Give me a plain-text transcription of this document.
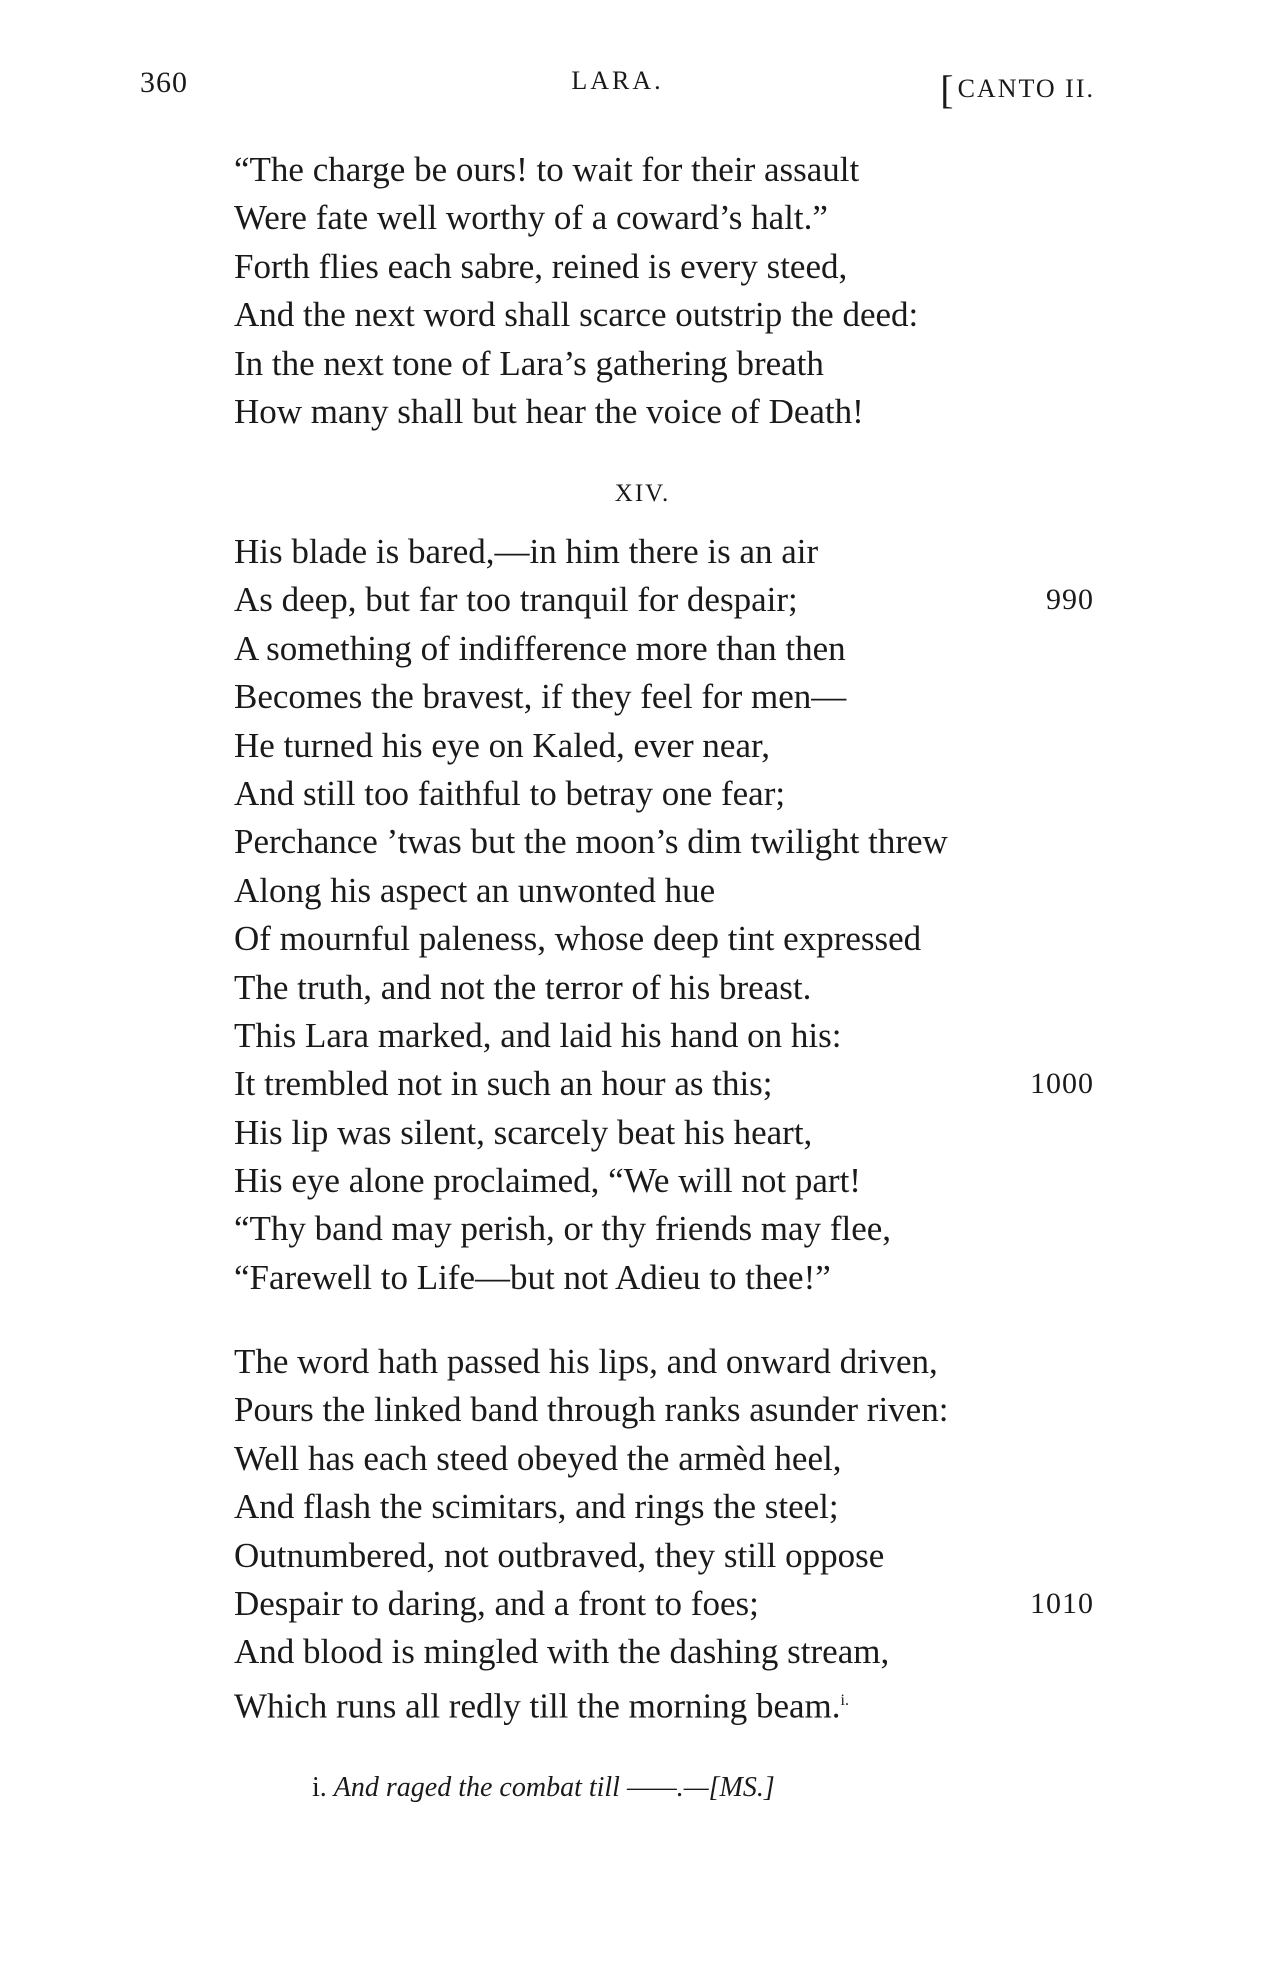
360	LARA.	[CANTO II.
“The charge be ours! to wait for their assault
Were fate well worthy of a coward’s halt.”
Forth flies each sabre, reined is every steed,
And the next word shall scarce outstrip the deed:
In the next tone of Lara’s gathering breath
How many shall but hear the voice of Death!
XIV.
His blade is bared,—in him there is an air
As deep, but far too tranquil for despair;	990
A something of indifference more than then
Becomes the bravest, if they feel for men—
He turned his eye on Kaled, ever near,
And still too faithful to betray one fear;
Perchance ’twas but the moon’s dim twilight threw
Along his aspect an unwonted hue
Of mournful paleness, whose deep tint expressed
The truth, and not the terror of his breast.
This Lara marked, and laid his hand on his:
It trembled not in such an hour as this;	1000
His lip was silent, scarcely beat his heart,
His eye alone proclaimed, “We will not part!
“Thy band may perish, or thy friends may flee,
“Farewell to Life—but not Adieu to thee!”
The word hath passed his lips, and onward driven,
Pours the linked band through ranks asunder riven:
Well has each steed obeyed the armèd heel,
And flash the scimitars, and rings the steel;
Outnumbered, not outbraved, they still oppose
Despair to daring, and a front to foes;	1010
And blood is mingled with the dashing stream,
Which runs all redly till the morning beam.$^{i.}$
i. And raged the combat till ——.—[MS.]
